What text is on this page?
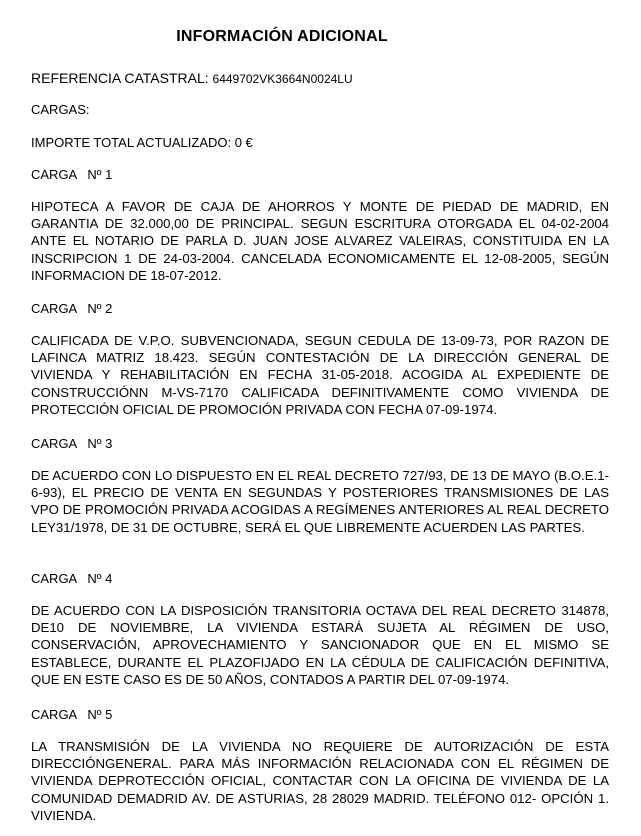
INFORMACIÓN ADICIONAL
REFERENCIA CATASTRAL: 6449702VK3664N0024LU
CARGAS:
IMPORTE TOTAL ACTUALIZADO: 0 €
CARGA   Nº 1

HIPOTECA A FAVOR DE CAJA DE AHORROS Y MONTE DE PIEDAD DE MADRID, EN GARANTIA DE 32.000,00 DE PRINCIPAL. SEGUN ESCRITURA OTORGADA EL 04-02-2004 ANTE EL NOTARIO DE PARLA D. JUAN JOSE ALVAREZ VALEIRAS, CONSTITUIDA EN LA INSCRIPCION 1 DE 24-03-2004. CANCELADA ECONOMICAMENTE EL 12-08-2005, SEGÚN INFORMACION DE 18-07-2012.

CARGA   Nº 2

CALIFICADA DE V.P.O. SUBVENCIONADA, SEGUN CEDULA DE 13-09-73, POR RAZON DE LAFINCA MATRIZ 18.423. SEGÚN CONTESTACIÓN DE LA DIRECCIÓN GENERAL DE VIVIENDA Y REHABILITACIÓN EN FECHA 31-05-2018. ACOGIDA AL EXPEDIENTE DE CONSTRUCCIÓNN M-VS-7170 CALIFICADA DEFINITIVAMENTE COMO VIVIENDA DE PROTECCIÓN OFICIAL DE PROMOCIÓN PRIVADA CON FECHA 07-09-1974.

CARGA   Nº 3

DE ACUERDO CON LO DISPUESTO EN EL REAL DECRETO 727/93, DE 13 DE MAYO (B.O.E.1-6-93), EL PRECIO DE VENTA EN SEGUNDAS Y POSTERIORES TRANSMISIONES DE LAS VPO DE PROMOCIÓN PRIVADA ACOGIDAS A REGÍMENES ANTERIORES AL REAL DECRETO LEY31/1978, DE 31 DE OCTUBRE, SERÁ EL QUE LIBREMENTE ACUERDEN LAS PARTES.

CARGA   Nº 4

DE ACUERDO CON LA DISPOSICIÓN TRANSITORIA OCTAVA DEL REAL DECRETO 314878, DE10 DE NOVIEMBRE, LA VIVIENDA ESTARÁ SUJETA AL RÉGIMEN DE USO, CONSERVACIÓN, APROVECHAMIENTO Y SANCIONADOR QUE EN EL MISMO SE ESTABLECE, DURANTE EL PLAZOFIJADO EN LA CÉDULA DE CALIFICACIÓN DEFINITIVA, QUE EN ESTE CASO ES DE 50 AÑOS, CONTADOS A PARTIR DEL 07-09-1974.

CARGA   Nº 5

LA TRANSMISIÓN DE LA VIVIENDA NO REQUIERE DE AUTORIZACIÓN DE ESTA DIRECCIÓNGENERAL. PARA MÁS INFORMACIÓN RELACIONADA CON EL RÉGIMEN DE VIVIENDA DEPROTECCIÓN OFICIAL, CONTACTAR CON LA OFICINA DE VIVIENDA DE LA COMUNIDAD DEMADRID AV. DE ASTURIAS, 28 28029 MADRID. TELÉFONO 012- OPCIÓN 1. VIVIENDA.
